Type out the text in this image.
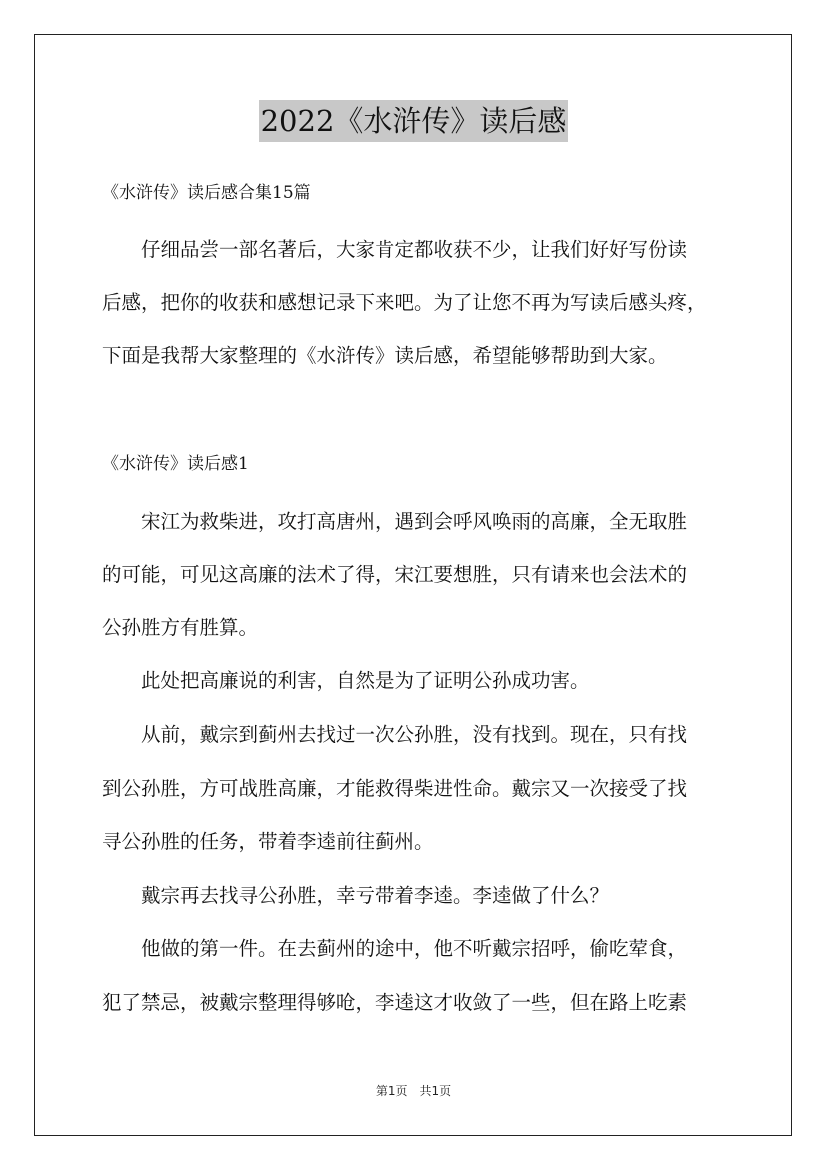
2022《水浒传》读后感
《水浒传》读后感合集15篇
　　仔细品尝一部名著后，大家肯定都收获不少，让我们好好写份读
后感，把你的收获和感想记录下来吧。为了让您不再为写读后感头疼，
下面是我帮大家整理的《水浒传》读后感，希望能够帮助到大家。
《水浒传》读后感1
　　宋江为救柴进，攻打高唐州，遇到会呼风唤雨的高廉，全无取胜
的可能，可见这高廉的法术了得，宋江要想胜，只有请来也会法术的
公孙胜方有胜算。
　　此处把高廉说的利害，自然是为了证明公孙成功害。
　　从前，戴宗到蓟州去找过一次公孙胜，没有找到。现在，只有找
到公孙胜，方可战胜高廉，才能救得柴进性命。戴宗又一次接受了找
寻公孙胜的任务，带着李逵前往蓟州。
　　戴宗再去找寻公孙胜，幸亏带着李逵。李逵做了什么？
　　他做的第一件。在去蓟州的途中，他不听戴宗招呼，偷吃荤食，
犯了禁忌，被戴宗整理得够呛，李逵这才收敛了一些，但在路上吃素
第1页　共1页
